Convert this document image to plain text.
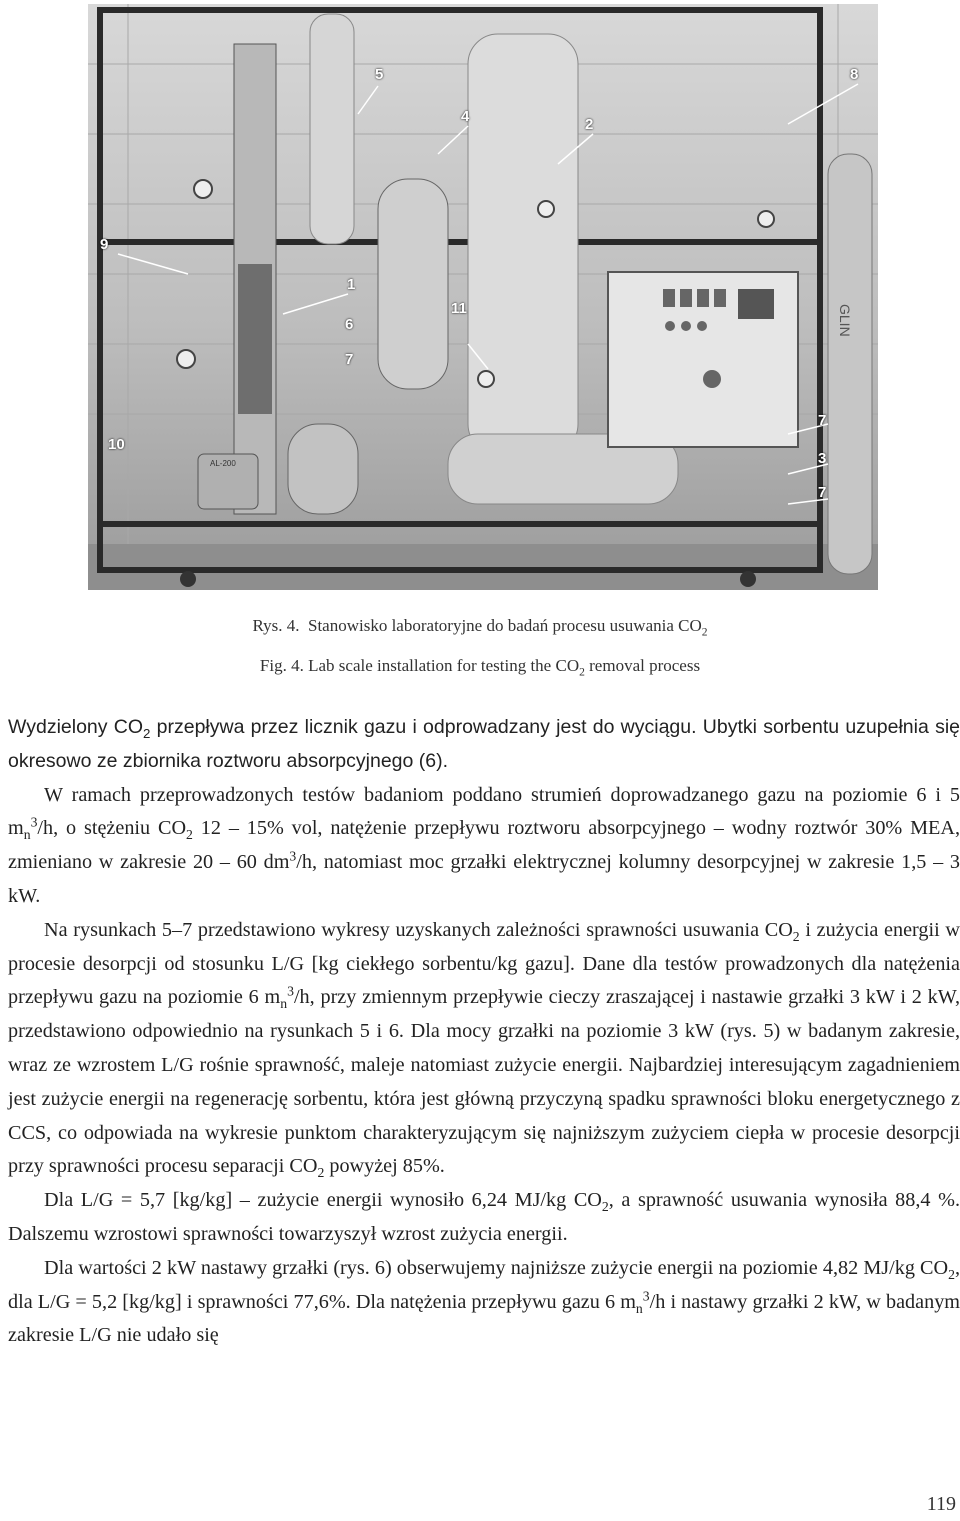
GLIN
AL-200
5
4	2
8
9
1
6
7
11
10
7
3
7
Rys. 4. Stanowisko laboratoryjne do badań procesu usuwania $CO_2$
Fig. 4. Lab scale installation for testing the $CO_2$ removal process

Wydzielony $CO_2$ przepływa przez licznik gazu i odprowadzany jest do wyciągu. Ubytki sorbentu uzupełnia się okresowo ze zbiornika roztworu absorpcyjnego (6).

W ramach przeprowadzonych testów badaniom poddano strumień doprowadzanego gazu na poziomie 6 i 5 $m_n^3/h$, o stężeniu $CO_2$ 12 – 15% vol, natężenie przepływu roztworu absorpcyjnego – wodny roztwór 30% MEA, zmieniano w zakresie 20 – 60 $dm^3/h$, natomiast moc grzałki elektrycznej kolumny desorpcyjnej w zakresie 1,5 – 3 kW.

Na rysunkach 5–7 przedstawiono wykresy uzyskanych zależności sprawności usuwania $CO_2$ i zużycia energii w procesie desorpcji od stosunku L/G [kg ciekłego sorbentu/kg gazu]. Dane dla testów prowadzonych dla natężenia przepływu gazu na poziomie 6 $m_n^3/h$, przy zmiennym przepływie cieczy zraszającej i nastawie grzałki 3 kW i 2 kW, przedstawiono odpowiednio na rysunkach 5 i 6. Dla mocy grzałki na poziomie 3 kW (rys. 5) w badanym zakresie, wraz ze wzrostem L/G rośnie sprawność, maleje natomiast zużycie energii. Najbardziej interesującym zagadnieniem jest zużycie energii na regenerację sorbentu, która jest główną przyczyną spadku sprawności bloku energetycznego z CCS, co odpowiada na wykresie punktom charakteryzującym się najniższym zużyciem ciepła w procesie desorpcji przy sprawności procesu separacji $CO_2$ powyżej 85%.

Dla L/G = 5,7 [kg/kg] – zużycie energii wynosiło 6,24 MJ/kg $CO_2$, a sprawność usuwania wynosiła 88,4 %. Dalszemu wzrostowi sprawności towarzyszył wzrost zużycia energii.

Dla wartości 2 kW nastawy grzałki (rys. 6) obserwujemy najniższe zużycie energii na poziomie 4,82 MJ/kg $CO_2$, dla L/G = 5,2 [kg/kg] i sprawności 77,6%. Dla natężenia przepływu gazu 6 $m_n^3/h$ i nastawy grzałki 2 kW, w badanym zakresie L/G nie udało się

119
